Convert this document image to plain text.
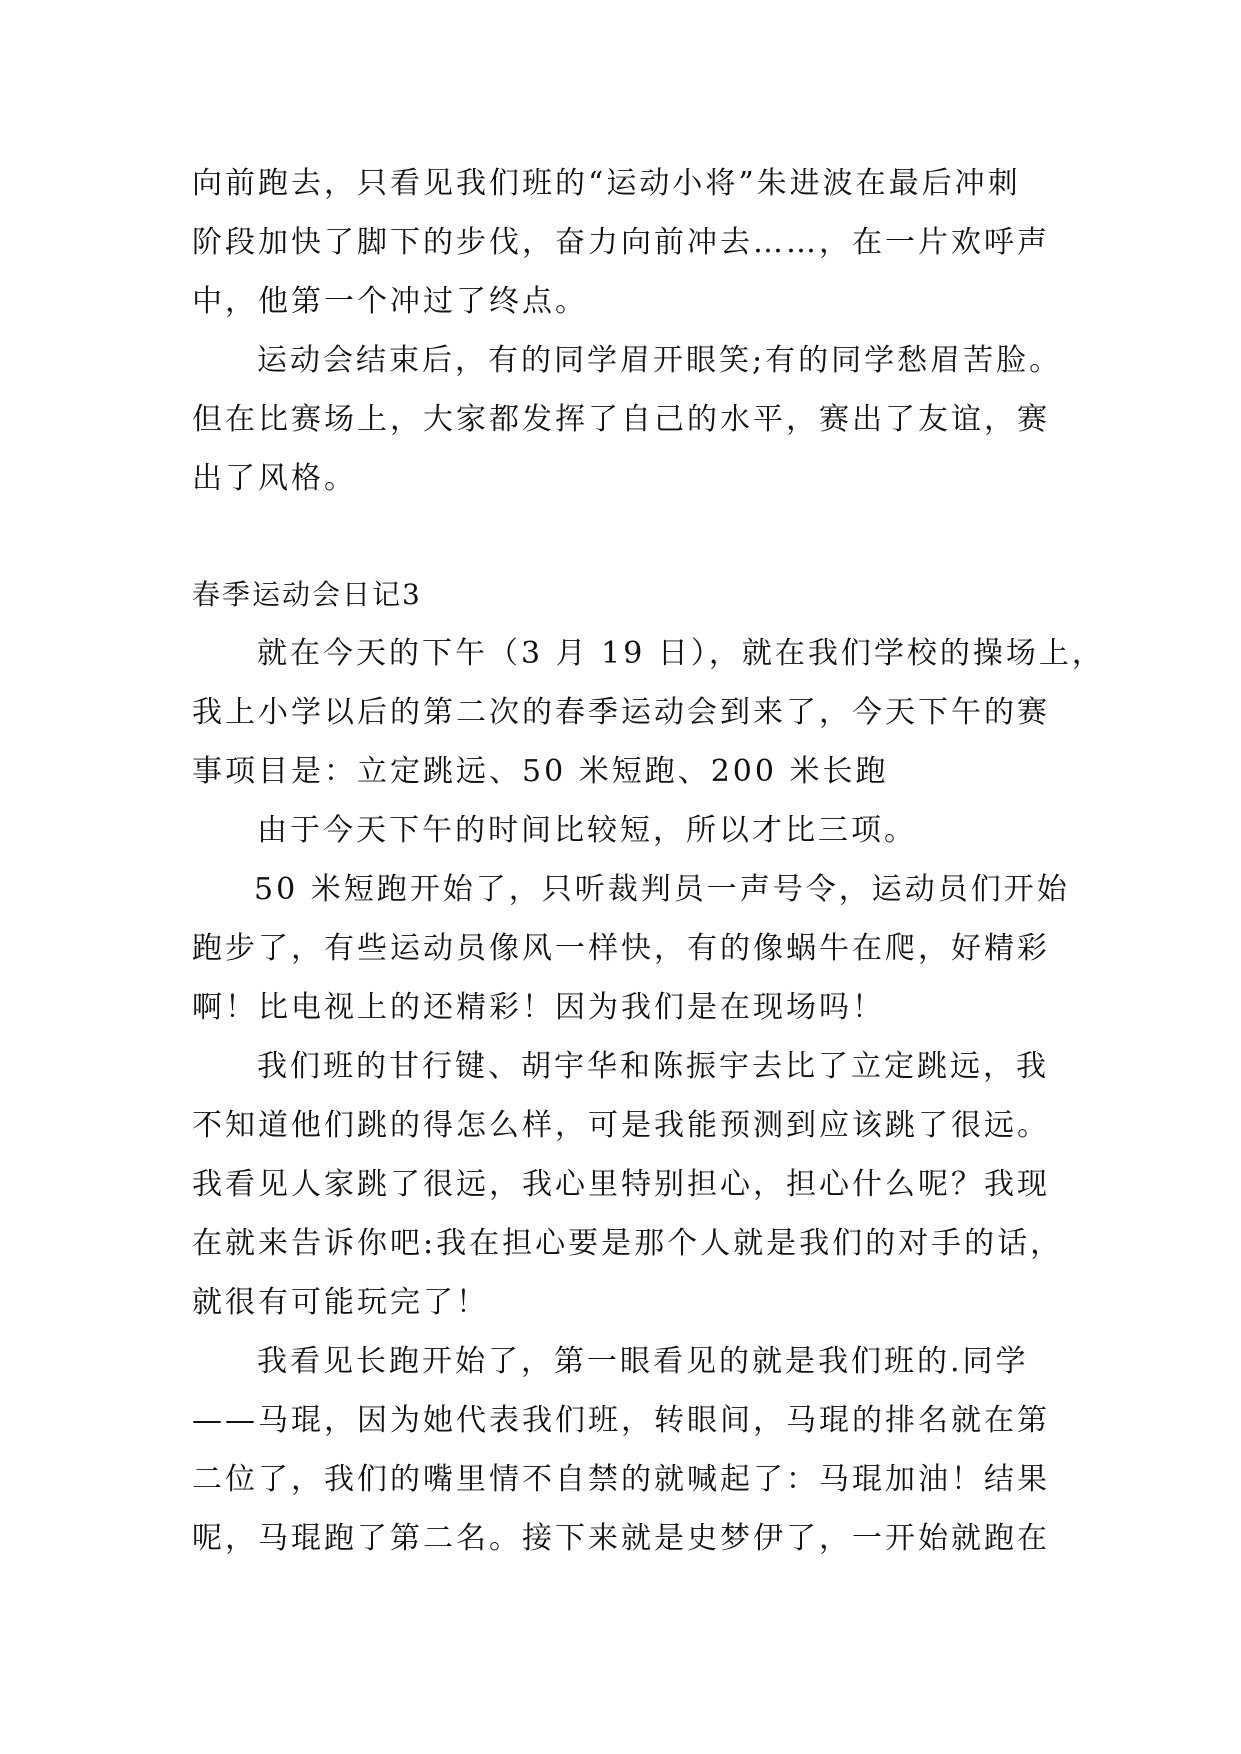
向前跑去，只看见我们班的“运动小将”朱进波在最后冲刺
阶段加快了脚下的步伐，奋力向前冲去……，在一片欢呼声
中，他第一个冲过了终点。
运动会结束后，有的同学眉开眼笑;有的同学愁眉苦脸。
但在比赛场上，大家都发挥了自己的水平，赛出了友谊，赛
出了风格。
春季运动会日记3
就在今天的下午（3 月 19 日），就在我们学校的操场上，
我上小学以后的第二次的春季运动会到来了，今天下午的赛
事项目是：立定跳远、50 米短跑、200 米长跑
由于今天下午的时间比较短，所以才比三项。
50 米短跑开始了，只听裁判员一声号令，运动员们开始
跑步了，有些运动员像风一样快，有的像蜗牛在爬，好精彩
啊！比电视上的还精彩！因为我们是在现场吗！
我们班的甘行键、胡宇华和陈振宇去比了立定跳远，我
不知道他们跳的得怎么样，可是我能预测到应该跳了很远。
我看见人家跳了很远，我心里特别担心，担心什么呢？我现
在就来告诉你吧:我在担心要是那个人就是我们的对手的话，
就很有可能玩完了！
我看见长跑开始了，第一眼看见的就是我们班的.同学
——马琨，因为她代表我们班，转眼间，马琨的排名就在第
二位了，我们的嘴里情不自禁的就喊起了：马琨加油！结果
呢，马琨跑了第二名。接下来就是史梦伊了，一开始就跑在
